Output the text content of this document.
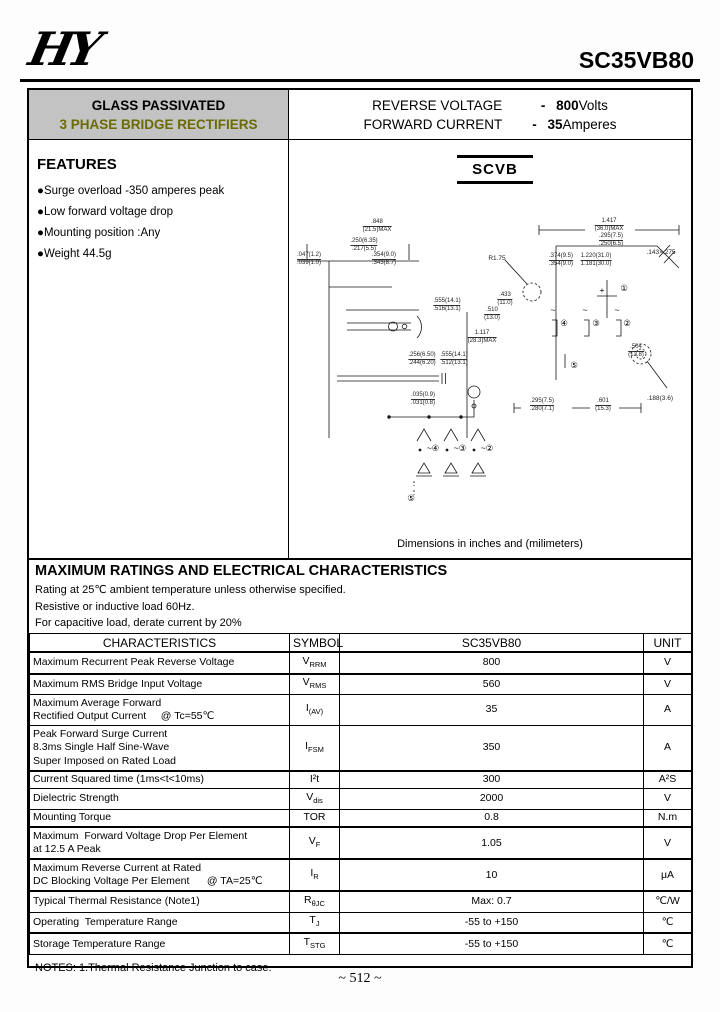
HY	SC35VB80
GLASS PASSIVATED
3 PHASE BRIDGE RECTIFIERS
REVERSE VOLTAGE	- 800Volts
FORWARD CURRENT	- 35Amperes
FEATURES
●Surge overload -350 amperes peak
●Low forward voltage drop
●Mounting position :Any
●Weight 44.5g
SCVB
.848
(21.5)MAX
.250(6.35)
.217(5.5)
.047(1.2)
.039(1.0)
.354(9.0)
.343(8.7)
1.417
(36.0)MAX
.295(7.5)
.250(6.5)
.374(9.5)
.354(9.0)
1.220(31.0)
1.181(30.0)
.143×.275
R1.75
.433
(11.0)
.510
(13.0)
1.117
(28.3)MAX
.555(14.1)
.516(13.1)
.256(6.50)
.244(6.20)
.555(14.1)
.512(13.1)
.035(0.9)
.031(0.8)	.295(7.5)
.280(7.1)
.601
(15.3)
.188(3.6)
.504
(12.8)
+ ①
~	~	~
④	③	②
⑤
~④ ~③ ~②
⑤
Dimensions in inches and (milimeters)
MAXIMUM RATINGS AND ELECTRICAL CHARACTERISTICS
Rating at 25℃ ambient temperature unless otherwise specified.
Resistive or inductive load 60Hz.
For capacitive load, derate current by 20%
CHARACTERISTICS	SYMBOL	SC35VB80	UNIT

Maximum Recurrent Peak Reverse Voltage	$V_{RRM}$	800	V

Maximum RMS Bridge Input Voltage	$V_{RMS}$	560	V

Maximum Average Forward
Rectified Output Current     @ Tc=55℃	$I_{(AV)}$	35	A

Peak Forward Surge Current
8.3ms Single Half Sine-Wave
Super Imposed on Rated Load	$I_{FSM}$	350	A

Current Squared time (1ms<t<10ms)	I²t	300	A²S

Dielectric Strength	$V_{dis}$	2000	V

Mounting Torque	TOR	0.8	N.m

Maximum  Forward Voltage Drop Per Element
at 12.5 A Peak	$V_F$	1.05	V

Maximum Reverse Current at Rated
DC Blocking Voltage Per Element      @ TA=25℃	$I_R$	10	μA

Typical Thermal Resistance (Note1)	$R_{\theta JC}$	Max: 0.7	℃/W

Operating  Temperature Range	$T_J$	-55 to +150	℃

Storage Temperature Range	$T_{STG}$	-55 to +150	℃
NOTES: 1.Thermal Resistance Junction to case.
~ 512 ~
